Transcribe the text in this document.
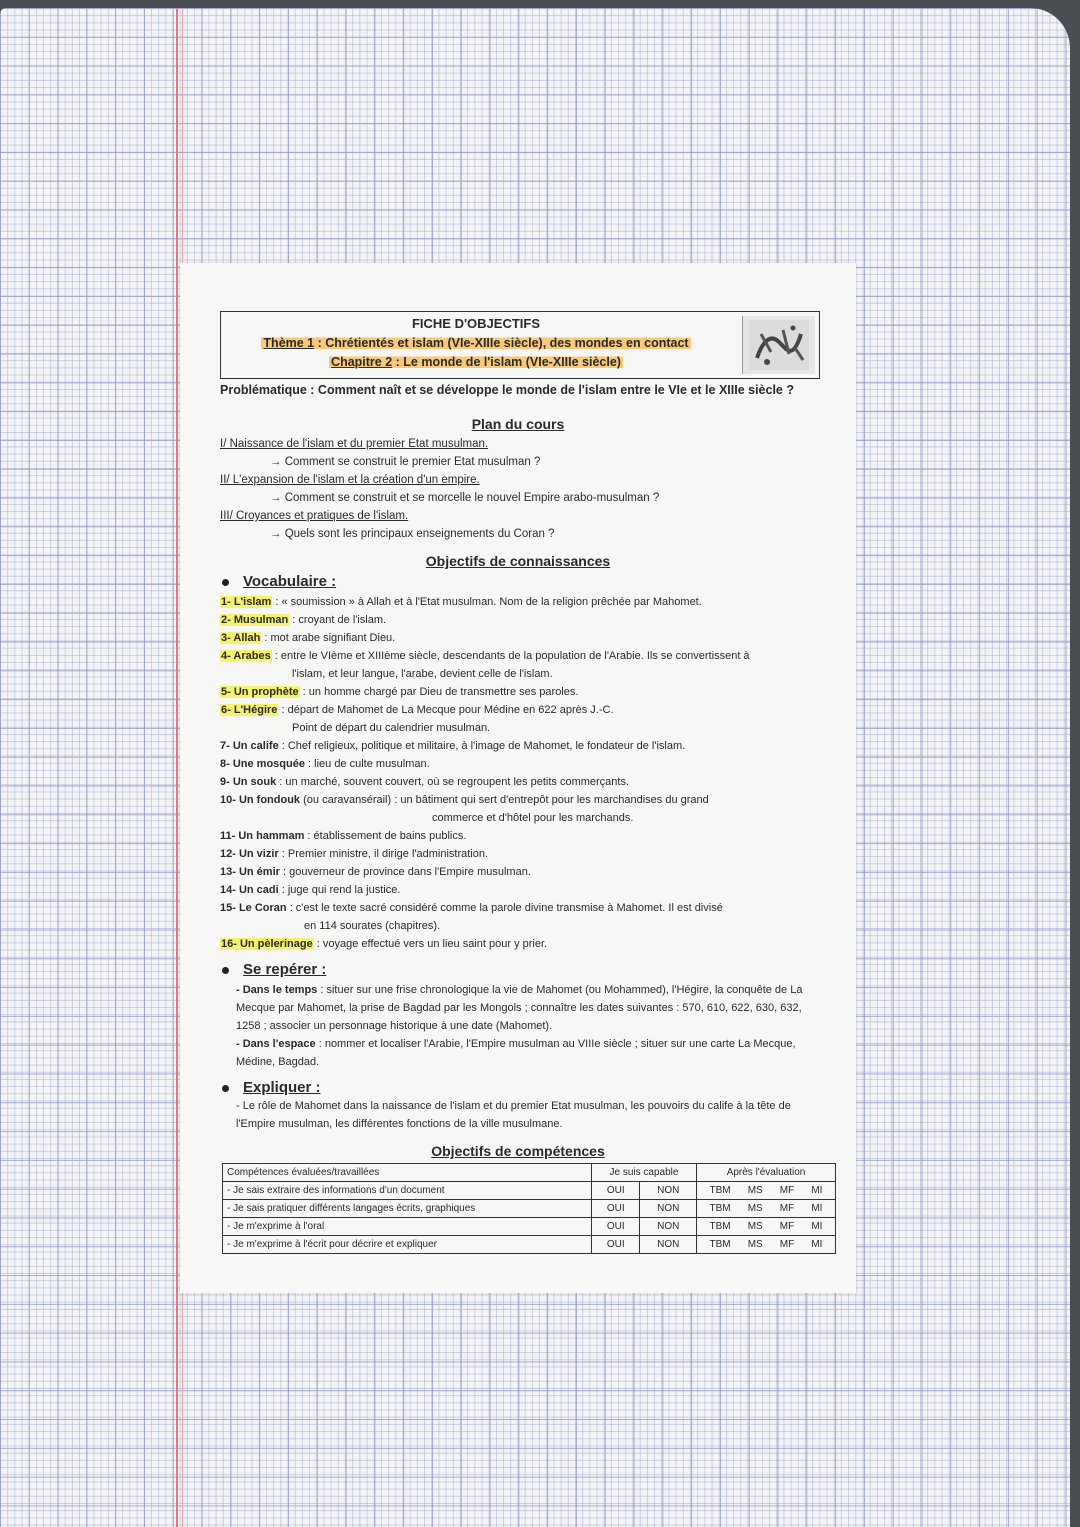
FICHE D'OBJECTIFS
Thème 1 : Chrétientés et islam (VIe-XIIIe siècle), des mondes en contact
Chapitre 2 : Le monde de l'islam (VIe-XIIIe siècle)
Problématique : Comment naît et se développe le monde de l'islam entre le VIe et le XIIIe siècle ?
Plan du cours
I/ Naissance de l'islam et du premier Etat musulman.
→ Comment se construit le premier Etat musulman ?
II/ L'expansion de l'islam et la création d'un empire.
→ Comment se construit et se morcelle le nouvel Empire arabo-musulman ?
III/ Croyances et pratiques de l'islam.
→ Quels sont les principaux enseignements du Coran ?
Objectifs de connaissances
Vocabulaire :
1- L'islam : « soumission » à Allah et à l'Etat musulman. Nom de la religion prêchée par Mahomet.
2- Musulman : croyant de l'islam.
3- Allah : mot arabe signifiant Dieu.
4- Arabes : entre le VIème et XIIIème siècle, descendants de la population de l'Arabie. Ils se convertissent à
l'islam, et leur langue, l'arabe, devient celle de l'islam.
5- Un prophète : un homme chargé par Dieu de transmettre ses paroles.
6- L'Hégire : départ de Mahomet de La Mecque pour Médine en 622 après J.-C.
Point de départ du calendrier musulman.
7- Un calife : Chef religieux, politique et militaire, à l'image de Mahomet, le fondateur de l'islam.
8- Une mosquée : lieu de culte musulman.
9- Un souk : un marché, souvent couvert, où se regroupent les petits commerçants.
10- Un fondouk (ou caravansérail) : un bâtiment qui sert d'entrepôt pour les marchandises du grand
commerce et d'hôtel pour les marchands.
11- Un hammam : établissement de bains publics.
12- Un vizir : Premier ministre, il dirige l'administration.
13- Un émir : gouverneur de province dans l'Empire musulman.
14- Un cadi : juge qui rend la justice.
15- Le Coran : c'est le texte sacré considéré comme la parole divine transmise à Mahomet. Il est divisé
en 114 sourates (chapitres).
16- Un pèlerinage : voyage effectué vers un lieu saint pour y prier.
Se repérer :
- Dans le temps : situer sur une frise chronologique la vie de Mahomet (ou Mohammed), l'Hégire, la conquête de La Mecque par Mahomet, la prise de Bagdad par les Mongols ; connaître les dates suivantes : 570, 610, 622, 630, 632, 1258 ; associer un personnage historique à une date (Mahomet).
- Dans l'espace : nommer et localiser l'Arabie, l'Empire musulman au VIIIe siècle ; situer sur une carte La Mecque, Médine, Bagdad.
Expliquer :
- Le rôle de Mahomet dans la naissance de l'islam et du premier Etat musulman, les pouvoirs du calife à la tête de l'Empire musulman, les différentes fonctions de la ville musulmane.
Objectifs de compétences
Compétences évaluées/travaillées	Je suis capable		Après l'évaluation
- Je sais extraire des informations d'un document	OUI	NON	TBM MS MF MI

- Je sais pratiquer différents langages écrits, graphiques	OUI	NON	TBM MS MF MI

- Je m'exprime à l'oral	OUI	NON	TBM MS MF MI

- Je m'exprime à l'écrit pour décrire et expliquer	OUI	NON	TBM MS MF MI
